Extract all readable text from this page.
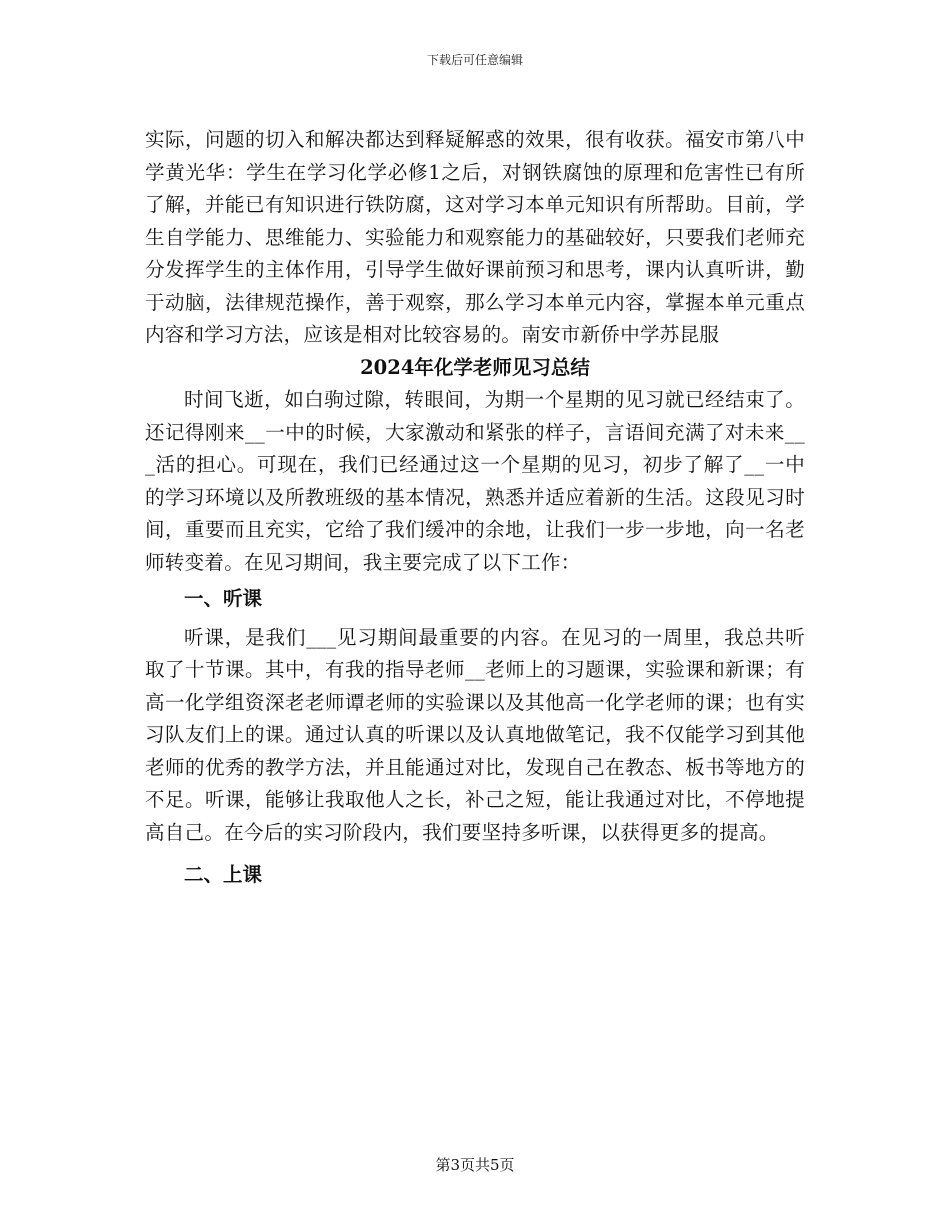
下载后可任意编辑

实际，问题的切入和解决都达到释疑解惑的效果，很有收获。福安市第八中学黄光华：学生在学习化学必修1之后，对钢铁腐蚀的原理和危害性已有所了解，并能已有知识进行铁防腐，这对学习本单元知识有所帮助。目前，学生自学能力、思维能力、实验能力和观察能力的基础较好，只要我们老师充分发挥学生的主体作用，引导学生做好课前预习和思考，课内认真听讲，勤于动脑，法律规范操作，善于观察，那么学习本单元内容，掌握本单元重点内容和学习方法，应该是相对比较容易的。南安市新侨中学苏昆服

2024年化学老师见习总结

时间飞逝，如白驹过隙，转眼间，为期一个星期的见习就已经结束了。还记得刚来__一中的时候，大家激动和紧张的样子，言语间充满了对未来___活的担心。可现在，我们已经通过这一个星期的见习，初步了解了__一中的学习环境以及所教班级的基本情况，熟悉并适应着新的生活。这段见习时间，重要而且充实，它给了我们缓冲的余地，让我们一步一步地，向一名老师转变着。在见习期间，我主要完成了以下工作：

一、听课

听课，是我们___见习期间最重要的内容。在见习的一周里，我总共听取了十节课。其中，有我的指导老师__老师上的习题课，实验课和新课；有高一化学组资深老老师谭老师的实验课以及其他高一化学老师的课；也有实习队友们上的课。通过认真的听课以及认真地做笔记，我不仅能学习到其他老师的优秀的教学方法，并且能通过对比，发现自己在教态、板书等地方的不足。听课，能够让我取他人之长，补己之短，能让我通过对比，不停地提高自己。在今后的实习阶段内，我们要坚持多听课，以获得更多的提高。

二、上课

第3页共5页
